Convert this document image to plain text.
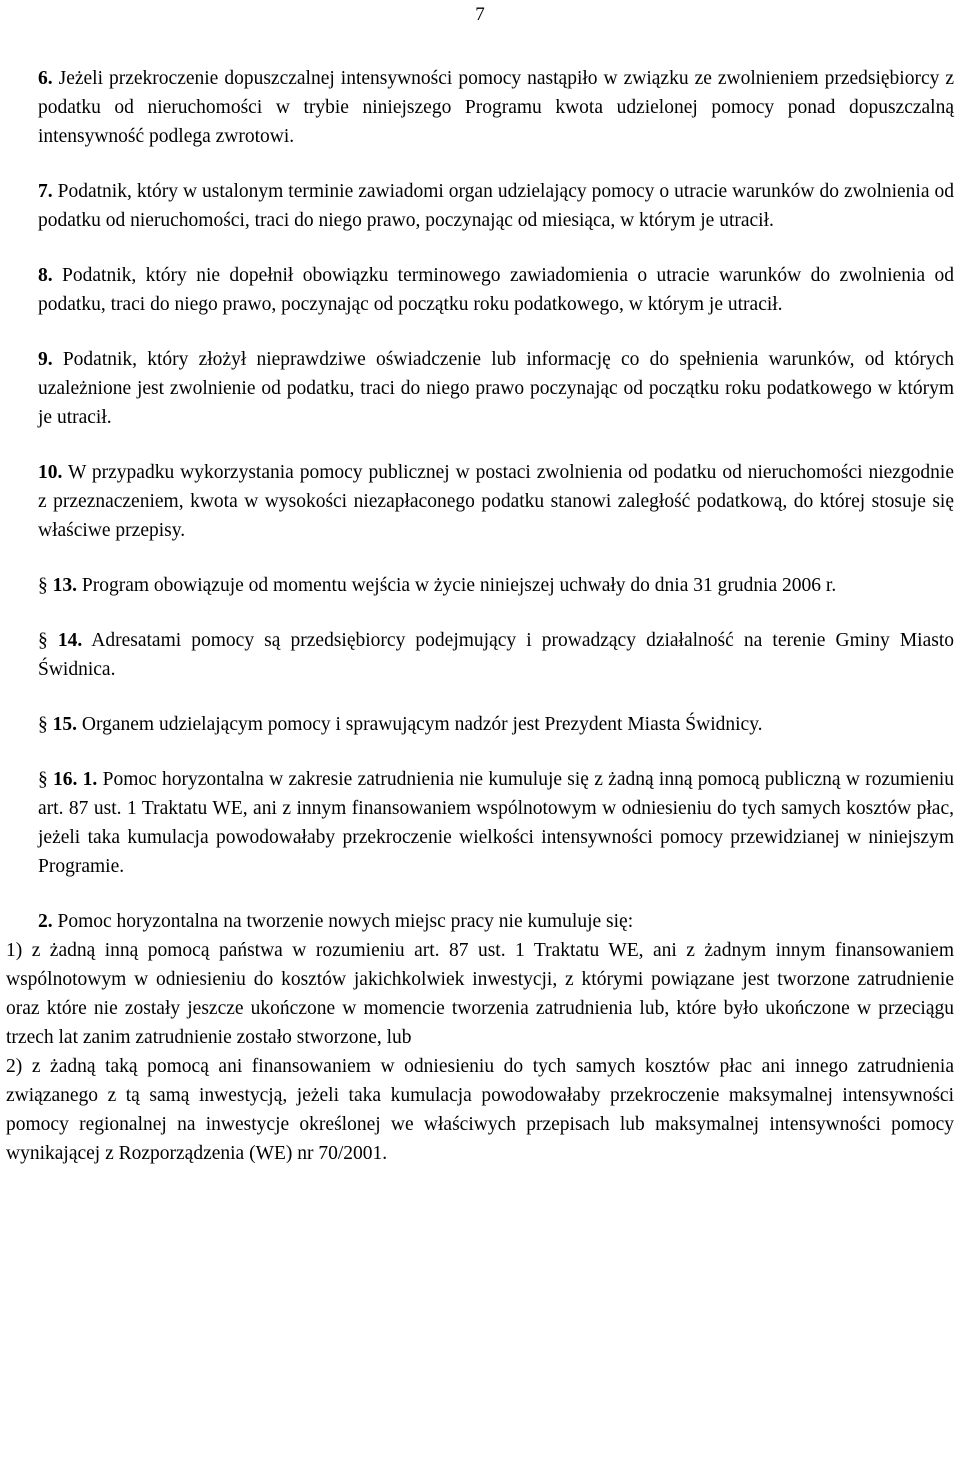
7

6. Jeżeli przekroczenie dopuszczalnej intensywności pomocy nastąpiło w związku ze zwolnieniem przedsiębiorcy z podatku od nieruchomości w trybie niniejszego Programu kwota udzielonej pomocy ponad dopuszczalną intensywność podlega zwrotowi.

7. Podatnik, który w ustalonym terminie zawiadomi organ udzielający pomocy o utracie warunków do zwolnienia od podatku od nieruchomości, traci do niego prawo, poczynając od miesiąca, w którym je utracił.

8. Podatnik, który nie dopełnił obowiązku terminowego zawiadomienia o utracie warunków do zwolnienia od podatku, traci do niego prawo, poczynając od początku roku podatkowego, w którym je utracił.

9. Podatnik, który złożył nieprawdziwe oświadczenie lub informację co do spełnienia warunków, od których uzależnione jest zwolnienie od podatku, traci do niego prawo poczynając od początku roku podatkowego w którym je utracił.

10. W przypadku wykorzystania pomocy publicznej w postaci zwolnienia od podatku od nieruchomości niezgodnie z przeznaczeniem, kwota w wysokości niezapłaconego podatku stanowi zaległość podatkową, do której stosuje się właściwe przepisy.

§ 13. Program obowiązuje od momentu wejścia w życie niniejszej uchwały do dnia 31 grudnia 2006 r.

§ 14. Adresatami pomocy są przedsiębiorcy podejmujący i prowadzący działalność na terenie Gminy Miasto Świdnica.

§ 15. Organem udzielającym pomocy i sprawującym nadzór jest Prezydent Miasta Świdnicy.

§ 16. 1. Pomoc horyzontalna w zakresie zatrudnienia nie kumuluje się z żadną inną pomocą publiczną w rozumieniu art. 87 ust. 1 Traktatu WE, ani z innym finansowaniem wspólnotowym w odniesieniu do tych samych kosztów płac, jeżeli taka kumulacja powodowałaby przekroczenie wielkości intensywności pomocy przewidzianej w niniejszym Programie.

2. Pomoc horyzontalna na tworzenie nowych miejsc pracy nie kumuluje się:

1) z żadną inną pomocą państwa w rozumieniu art. 87 ust. 1 Traktatu WE, ani z żadnym innym finansowaniem wspólnotowym w odniesieniu do kosztów jakichkolwiek inwestycji, z którymi powiązane jest tworzone zatrudnienie oraz które nie zostały jeszcze ukończone w momencie tworzenia zatrudnienia lub, które było ukończone w przeciągu trzech lat zanim zatrudnienie zostało stworzone, lub

2) z żadną taką pomocą ani finansowaniem w odniesieniu do tych samych kosztów płac ani innego zatrudnienia związanego z tą samą inwestycją, jeżeli taka kumulacja powodowałaby przekroczenie maksymalnej intensywności pomocy regionalnej na inwestycje określonej we właściwych przepisach lub maksymalnej intensywności pomocy wynikającej z Rozporządzenia (WE) nr 70/2001.
